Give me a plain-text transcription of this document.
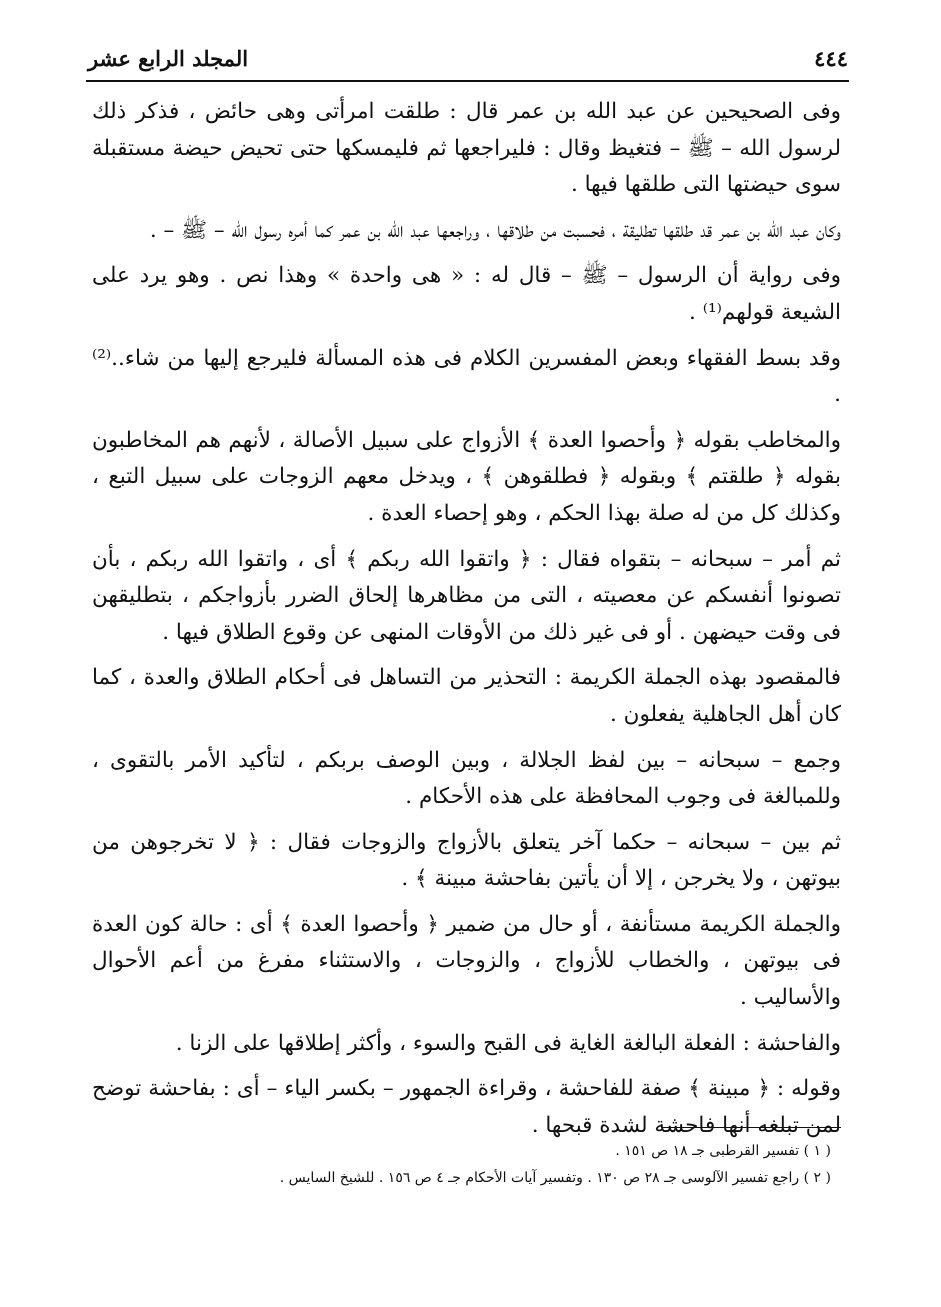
٤٤٤
المجلد الرابع عشر

وفى الصحيحين عن عبد الله بن عمر قال : طلقت امرأتى وهى حائض ، فذكر ذلك لرسول الله – ﷺ – فتغيظ وقال : فليراجعها ثم فليمسكها حتى تحيض حيضة مستقبلة سوى حيضتها التى طلقها فيها .

وكان عبد الله بن عمر قد طلقها تطليقة ، فحسبت من طلاقها ، وراجعها عبد الله بن عمر كما أمره رسول الله – ﷺ – .

وفى رواية أن الرسول – ﷺ – قال له : « هى واحدة » وهذا نص . وهو يرد على الشيعة قولهم⁽¹⁾ .

وقد بسط الفقهاء وبعض المفسرين الكلام فى هذه المسألة فليرجع إليها من شاء..⁽²⁾ .

والمخاطب بقوله ﴿ وأحصوا العدة ﴾ الأزواج على سبيل الأصالة ، لأنهم هم المخاطبون بقوله ﴿ طلقتم ﴾ وبقوله ﴿ فطلقوهن ﴾ ، ويدخل معهم الزوجات على سبيل التبع ، وكذلك كل من له صلة بهذا الحكم ، وهو إحصاء العدة .

ثم أمر – سبحانه – بتقواه فقال : ﴿ واتقوا الله ربكم ﴾ أى ، واتقوا الله ربكم ، بأن تصونوا أنفسكم عن معصيته ، التى من مظاهرها إلحاق الضرر بأزواجكم ، بتطليقهن فى وقت حيضهن . أو فى غير ذلك من الأوقات المنهى عن وقوع الطلاق فيها .

فالمقصود بهذه الجملة الكريمة : التحذير من التساهل فى أحكام الطلاق والعدة ، كما كان أهل الجاهلية يفعلون .

وجمع – سبحانه – بين لفظ الجلالة ، وبين الوصف بربكم ، لتأكيد الأمر بالتقوى ، وللمبالغة فى وجوب المحافظة على هذه الأحكام .

ثم بين – سبحانه – حكما آخر يتعلق بالأزواج والزوجات فقال : ﴿ لا تخرجوهن من بيوتهن ، ولا يخرجن ، إلا أن يأتين بفاحشة مبينة ﴾ .

والجملة الكريمة مستأنفة ، أو حال من ضمير ﴿ وأحصوا العدة ﴾ أى : حالة كون العدة فى بيوتهن ، والخطاب للأزواج ، والزوجات ، والاستثناء مفرغ من أعم الأحوال والأساليب .

والفاحشة : الفعلة البالغة الغاية فى القبح والسوء ، وأكثر إطلاقها على الزنا .

وقوله : ﴿ مبينة ﴾ صفة للفاحشة ، وقراءة الجمهور – بكسر الياء – أى : بفاحشة توضح لمن تبلغه أنها فاحشة لشدة قبحها .

( ١ ) تفسير القرطبى جـ ١٨ ص ١٥١ .
( ٢ ) راجع تفسير الآلوسى جـ ٢٨ ص ١٣٠ . وتفسير آيات الأحكام جـ ٤ ص ١٥٦ . للشيخ السايس .
